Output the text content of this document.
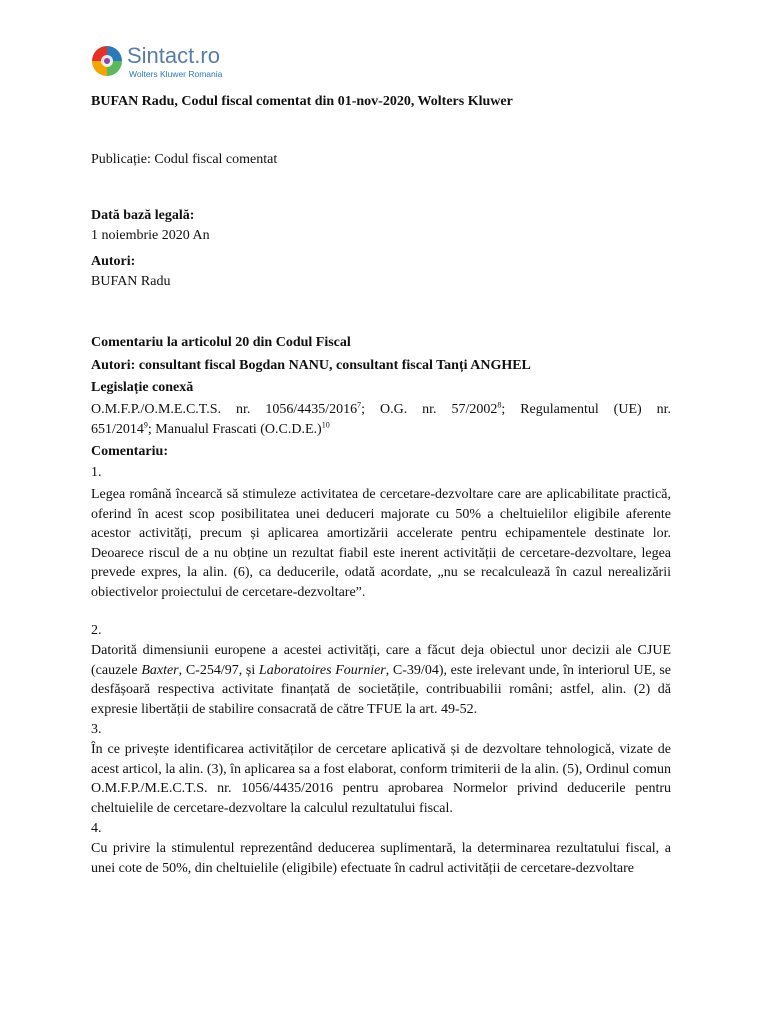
Sintact.ro
Wolters Kluwer Romania
BUFAN Radu, Codul fiscal comentat din 01-nov-2020, Wolters Kluwer
Publicație: Codul fiscal comentat
Dată bază legală:
1 noiembrie 2020 An
Autori:
BUFAN Radu
Comentariu la articolul 20 din Codul Fiscal
Autori: consultant fiscal Bogdan NANU, consultant fiscal Tanți ANGHEL
Legislație conexă

O.M.F.P./O.M.E.C.T.S. nr. 1056/4435/2016$^7$; O.G. nr. 57/2002$^8$; Regulamentul (UE) nr.

651/2014$^9$; Manualul Frascati $(O.C.D.E.)^{10}$

Comentariu:
1.
Legea română încearcă să stimuleze activitatea de cercetare-dezvoltare care are aplicabilitate practică, oferind în acest scop posibilitatea unei deduceri majorate cu 50% a cheltuielilor eligibile aferente acestor activități, precum și aplicarea amortizării accelerate pentru echipamentele destinate lor. Deoarece riscul de a nu obține un rezultat fiabil este inerent activității de cercetare-dezvoltare, legea prevede expres, la alin. (6), ca deducerile, odată acordate, „nu se recalculează în cazul nerealizării obiectivelor proiectului de cercetare-dezvoltare”.
2.
Datorită dimensiunii europene a acestei activități, care a făcut deja obiectul unor decizii ale CJUE (cauzele Baxter, C-254/97, și Laboratoires Fournier, C-39/04), este irelevant unde, în interiorul UE, se desfășoară respectiva activitate finanțată de societățile, contribuabilii români; astfel, alin. (2) dă expresie libertății de stabilire consacrată de către TFUE la art. 49-52.
3.
În ce privește identificarea activităților de cercetare aplicativă și de dezvoltare tehnologică, vizate de acest articol, la alin. (3), în aplicarea sa a fost elaborat, conform trimiterii de la alin. (5), Ordinul comun O.M.F.P./M.E.C.T.S. nr. 1056/4435/2016 pentru aprobarea Normelor privind deducerile pentru cheltuielile de cercetare-dezvoltare la calculul rezultatului fiscal.
4.
Cu privire la stimulentul reprezentând deducerea suplimentară, la determinarea rezultatului fiscal, a unei cote de 50%, din cheltuielile (eligibile) efectuate în cadrul activității de cercetare-dezvoltare
